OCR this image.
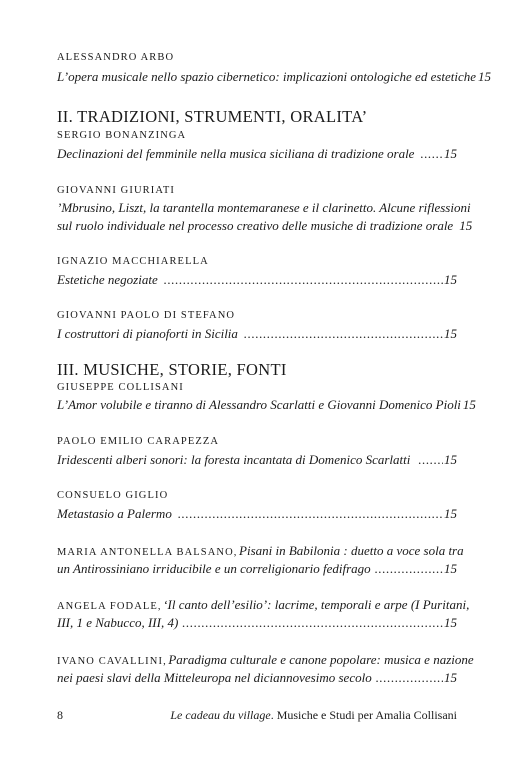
ALESSANDRO ARBO
L’opera musicale nello spazio cibernetico: implicazioni ontologiche ed estetiche 15
II. TRADIZIONI, STRUMENTI, ORALITA’
SERGIO BONANZINGA
Declinazioni del femminile nella musica siciliana di tradizione orale ..... 15
GIOVANNI GIURIATI
’Mbrusino, Liszt, la tarantella montemaranese e il clarinetto. Alcune riflessioni
sul ruolo individuale nel processo creativo delle musiche di tradizione orale 15
IGNAZIO MACCHIARELLA
Estetiche negoziate .....	15
GIOVANNI PAOLO DI STEFANO
I costruttori di pianoforti in Sicilia .....	15
III. MUSICHE, STORIE, FONTI
GIUSEPPE COLLISANI
L’Amor volubile e tiranno di Alessandro Scarlatti e Giovanni Domenico Pioli 15
PAOLO EMILIO CARAPEZZA
Iridescenti alberi sonori: la foresta incantata di Domenico Scarlatti .....	15
CONSUELO GIGLIO
Metastasio a Palermo .....	15
MARIA ANTONELLA BALSANO, Pisani in Babilonia : duetto a voce sola tra
un Antirossiniano irriducibile e un correligionario fedifrago .....	15
ANGELA FODALE, ‘Il canto dell’esilio’: lacrime, temporali e arpe (I Puritani,
III, 1 e Nabucco, III, 4) .....	15
IVANO CAVALLINI, Paradigma culturale e canone popolare: musica e nazione
nei paesi slavi della Mitteleuropa nel diciannovesimo secolo .....	15
8	Le cadeau du village. Musiche e Studi per Amalia Collisani
